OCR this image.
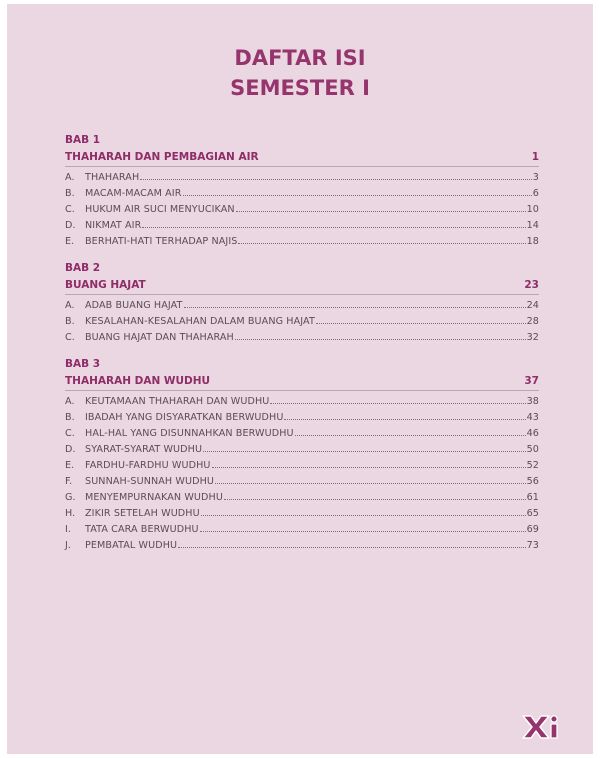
DAFTAR ISI
SEMESTER I
BAB 1
THAHARAH DAN PEMBAGIAN AIR	1
A.	THAHARAH	3
B.	MACAM-MACAM AIR	6
C.	HUKUM AIR SUCI MENYUCIKAN	10
D. NIKMAT AIR	14
E.	BERHATI-HATI TERHADAP NAJIS	18
BAB 2
BUANG HAJAT	23
A.	ADAB BUANG HAJAT	24
B.	KESALAHAN-KESALAHAN DALAM BUANG HAJAT	28
C.	BUANG HAJAT DAN THAHARAH	32
BAB 3
THAHARAH DAN WUDHU	37
A.	KEUTAMAAN THAHARAH DAN WUDHU	38
B.	IBADAH YANG DISYARATKAN BERWUDHU	43
C.	HAL-HAL YANG DISUNNAHKAN BERWUDHU	46
D. SYARAT-SYARAT WUDHU	50
E.	FARDHU-FARDHU WUDHU	52
F.	SUNNAH-SUNNAH WUDHU	56
G. MENYEMPURNAKAN WUDHU	61
H.	ZIKIR SETELAH WUDHU	65
I.	TATA CARA BERWUDHU	69
J.	PEMBATAL WUDHU	73
